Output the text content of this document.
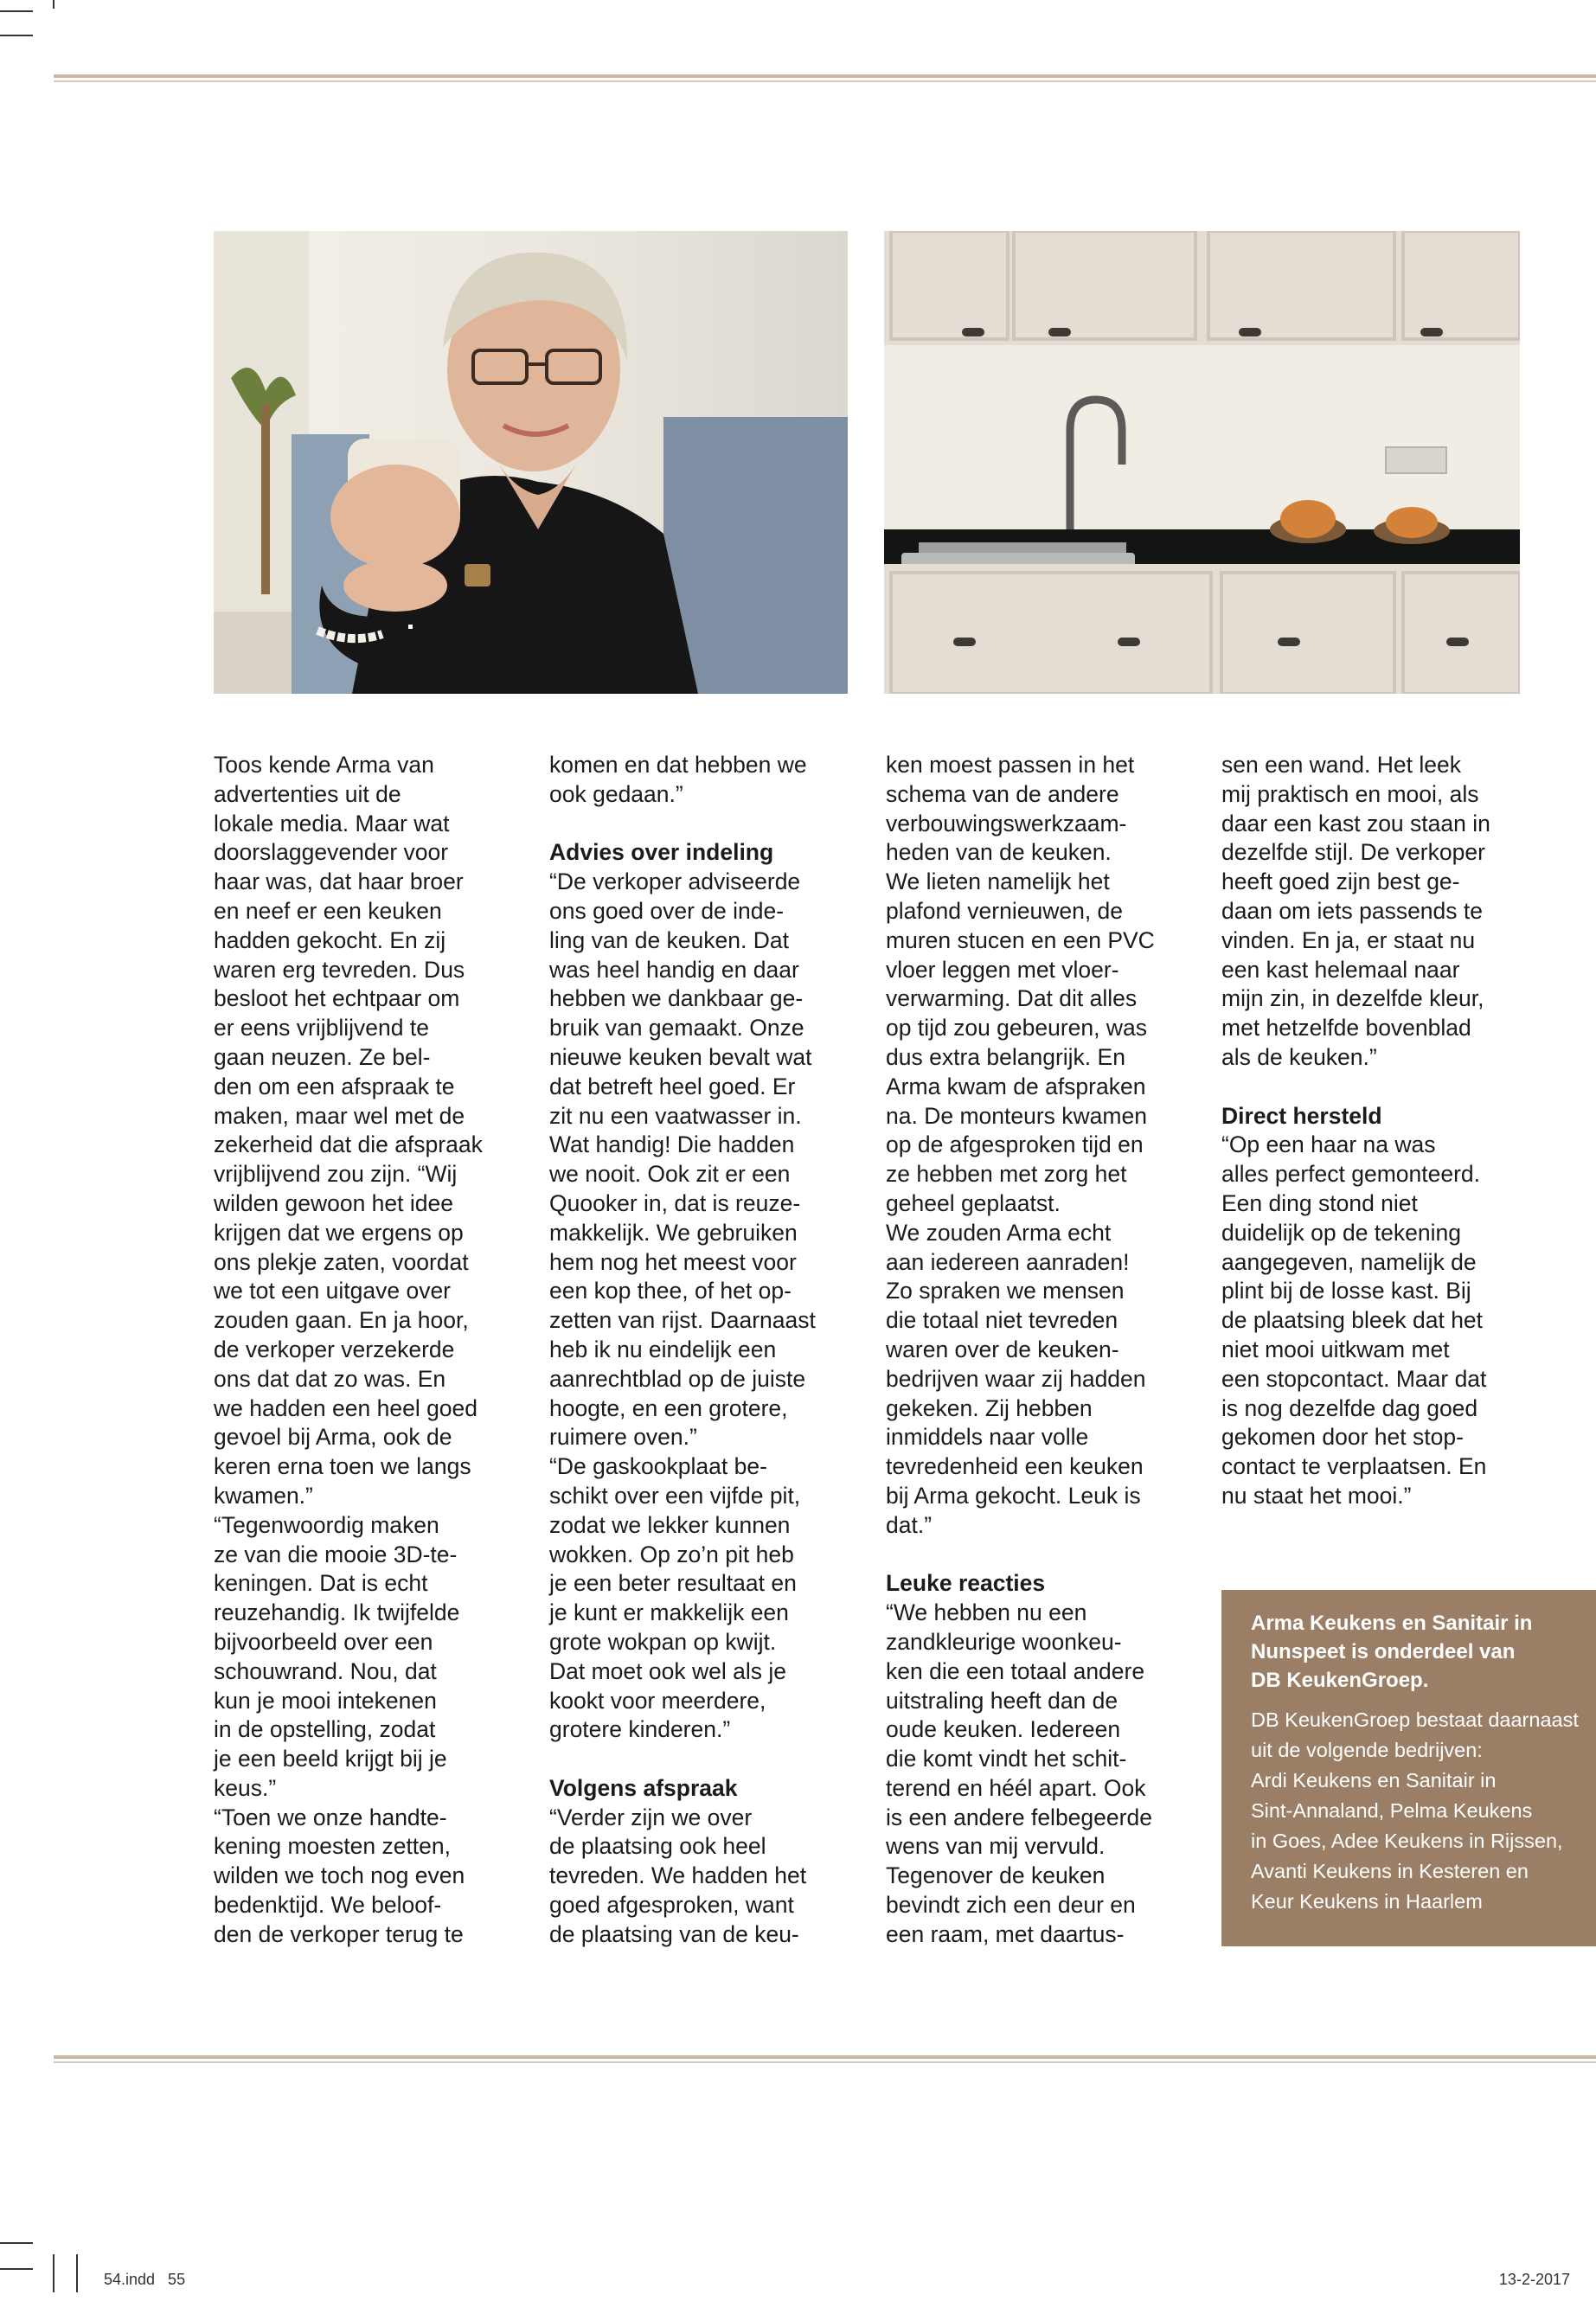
Toos kende Arma van
advertenties uit de
lokale media. Maar wat
doorslaggevender voor
haar was, dat haar broer
en neef er een keuken
hadden gekocht. En zij
waren erg tevreden. Dus
besloot het echtpaar om
er eens vrijblijvend te
gaan neuzen. Ze bel-
den om een afspraak te
maken, maar wel met de
zekerheid dat die afspraak
vrijblijvend zou zijn. “Wij
wilden gewoon het idee
krijgen dat we ergens op
ons plekje zaten, voordat
we tot een uitgave over
zouden gaan. En ja hoor,
de verkoper verzekerde
ons dat dat zo was. En
we hadden een heel goed
gevoel bij Arma, ook de
keren erna toen we langs
kwamen.”
“Tegenwoordig maken
ze van die mooie 3D-te-
keningen. Dat is echt
reuzehandig. Ik twijfelde
bijvoorbeeld over een
schouwrand. Nou, dat
kun je mooi intekenen
in de opstelling, zodat
je een beeld krijgt bij je
keus.”
“Toen we onze handte-
kening moesten zetten,
wilden we toch nog even
bedenktijd. We beloof-
den de verkoper terug te

komen en dat hebben we
ook gedaan.”

Advies over indeling

“De verkoper adviseerde
ons goed over de inde-
ling van de keuken. Dat
was heel handig en daar
hebben we dankbaar ge-
bruik van gemaakt. Onze
nieuwe keuken bevalt wat
dat betreft heel goed. Er
zit nu een vaatwasser in.
Wat handig! Die hadden
we nooit. Ook zit er een
Quooker in, dat is reuze-
makkelijk. We gebruiken
hem nog het meest voor
een kop thee, of het op-
zetten van rijst. Daarnaast
heb ik nu eindelijk een
aanrechtblad op de juiste
hoogte, en een grotere,
ruimere oven.”
“De gaskookplaat be-
schikt over een vijfde pit,
zodat we lekker kunnen
wokken. Op zo’n pit heb
je een beter resultaat en
je kunt er makkelijk een
grote wokpan op kwijt.
Dat moet ook wel als je
kookt voor meerdere,
grotere kinderen.”

Volgens afspraak

“Verder zijn we over
de plaatsing ook heel
tevreden. We hadden het
goed afgesproken, want
de plaatsing van de keu-

ken moest passen in het
schema van de andere
verbouwingswerkzaam-
heden van de keuken.
We lieten namelijk het
plafond vernieuwen, de
muren stucen en een PVC
vloer leggen met vloer-
verwarming. Dat dit alles
op tijd zou gebeuren, was
dus extra belangrijk. En
Arma kwam de afspraken
na. De monteurs kwamen
op de afgesproken tijd en
ze hebben met zorg het
geheel geplaatst.
We zouden Arma echt
aan iedereen aanraden!
Zo spraken we mensen
die totaal niet tevreden
waren over de keuken-
bedrijven waar zij hadden
gekeken. Zij hebben
inmiddels naar volle
tevredenheid een keuken
bij Arma gekocht. Leuk is
dat.”

Leuke reacties

“We hebben nu een
zandkleurige woonkeu-
ken die een totaal andere
uitstraling heeft dan de
oude keuken. Iedereen
die komt vindt het schit-
terend en héél apart. Ook
is een andere felbegeerde
wens van mij vervuld.
Tegenover de keuken
bevindt zich een deur en
een raam, met daartus-

sen een wand. Het leek
mij praktisch en mooi, als
daar een kast zou staan in
dezelfde stijl. De verkoper
heeft goed zijn best ge-
daan om iets passends te
vinden. En ja, er staat nu
een kast helemaal naar
mijn zin, in dezelfde kleur,
met hetzelfde bovenblad
als de keuken.”

Direct hersteld

“Op een haar na was
alles perfect gemonteerd.
Een ding stond niet
duidelijk op de tekening
aangegeven, namelijk de
plint bij de losse kast. Bij
de plaatsing bleek dat het
niet mooi uitkwam met
een stopcontact. Maar dat
is nog dezelfde dag goed
gekomen door het stop-
contact te verplaatsen. En
nu staat het mooi.”

Arma Keukens en Sanitair in
Nunspeet is onderdeel van
DB KeukenGroep.
DB KeukenGroep bestaat daarnaast
uit de volgende bedrijven:
Ardi Keukens en Sanitair in
Sint-Annaland, Pelma Keukens
in Goes, Adee Keukens in Rijssen,
Avanti Keukens in Kesteren en
Keur Keukens in Haarlem
54.indd   55	13-2-2017
